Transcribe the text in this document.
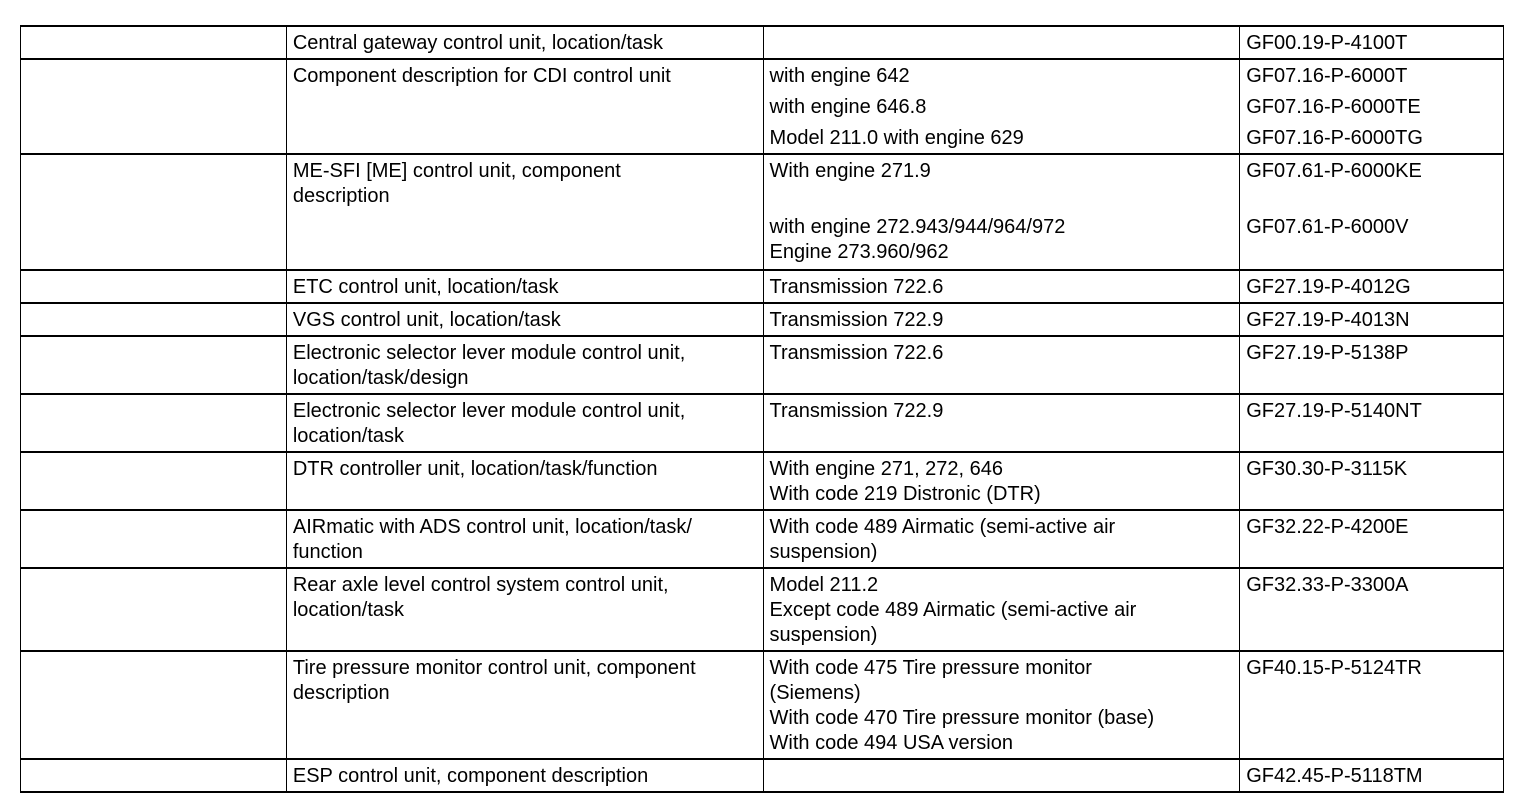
	Central gateway control unit, location/task		GF00.19-P-4100T

	Component description for CDI control unit	with engine 642	GF07.16-P-6000T

		with engine 646.8	GF07.16-P-6000TE

		Model 211.0 with engine 629	GF07.16-P-6000TG

	ME-SFI [ME] control unit, component
description	With engine 271.9	GF07.61-P-6000KE

		with engine 272.943/944/964/972
Engine 273.960/962	GF07.61-P-6000V

	ETC control unit, location/task	Transmission 722.6	GF27.19-P-4012G

	VGS control unit, location/task	Transmission 722.9	GF27.19-P-4013N

	Electronic selector lever module control unit,
location/task/design	Transmission 722.6	GF27.19-P-5138P

	Electronic selector lever module control unit,
location/task	Transmission 722.9	GF27.19-P-5140NT

	DTR controller unit, location/task/function	With engine 271, 272, 646
With code 219 Distronic (DTR)	GF30.30-P-3115K

	AIRmatic with ADS control unit, location/task/
function	With code 489 Airmatic (semi-active air
suspension)	GF32.22-P-4200E

	Rear axle level control system control unit,
location/task	Model 211.2
Except code 489 Airmatic (semi-active air
suspension)	GF32.33-P-3300A

	Tire pressure monitor control unit, component
description	With code 475 Tire pressure monitor
(Siemens)
With code 470 Tire pressure monitor (base)
With code 494 USA version	GF40.15-P-5124TR

	ESP control unit, component description		GF42.45-P-5118TM
